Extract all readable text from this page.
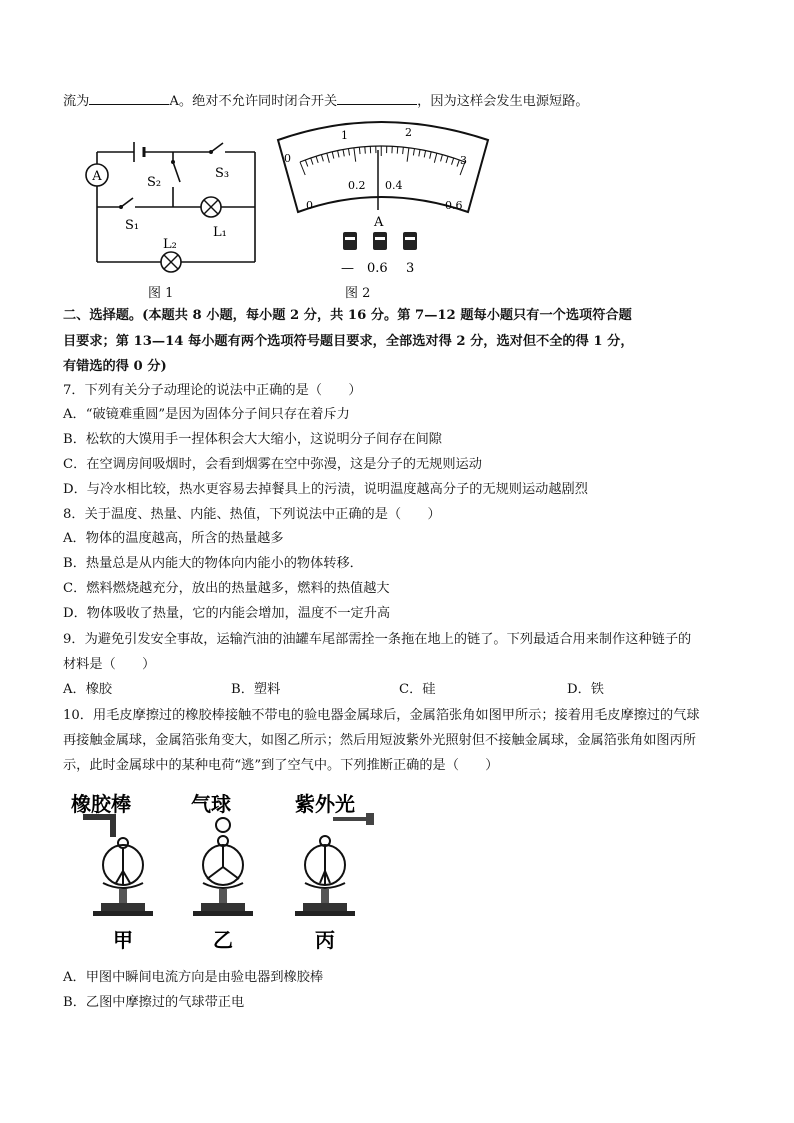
流为	A。绝对不允许同时闭合开关	，因为这样会发生电源短路。
A	S₃
S₂
S₁	L₁
L₂
图 1
0
1	2
3
0
0.2 0.4
0.6
A
— 0.6 3
图 2
二、选择题。(本题共 8 小题，每小题 2 分，共 16 分。第 7—12 题每小题只有一个选项符合题
目要求；第 13—14 每小题有两个选项符号题目要求，全部选对得 2 分，选对但不全的得 1 分，
有错选的得 0 分)
7．下列有关分子动理论的说法中正确的是（　　）
A．“破镜难重圆”是因为固体分子间只存在着斥力
B．松软的大馍用手一捏体积会大大缩小，这说明分子间存在间隙
C．在空调房间吸烟时，会看到烟雾在空中弥漫，这是分子的无规则运动
D．与冷水相比较，热水更容易去掉餐具上的污渍，说明温度越高分子的无规则运动越剧烈
8．关于温度、热量、内能、热值，下列说法中正确的是（　　）
A．物体的温度越高，所含的热量越多
B．热量总是从内能大的物体向内能小的物体转移．
C．燃料燃烧越充分，放出的热量越多，燃料的热值越大
D．物体吸收了热量，它的内能会增加，温度不一定升高
9．为避免引发安全事故，运输汽油的油罐车尾部需拴一条拖在地上的链了。下列最适合用来制作这种链子的
材料是（　　）
A．橡胶	B．塑料	C．硅	D．铁
10．用毛皮摩擦过的橡胶棒接触不带电的验电器金属球后，金属箔张角如图甲所示；接着用毛皮摩擦过的气球
再接触金属球，金属箔张角变大，如图乙所示；然后用短波紫外光照射但不接触金属球，金属箔张角如图丙所
示，此时金属球中的某种电荷“逃”到了空气中。下列推断正确的是（　　）
橡胶棒	气球	紫外光
甲	乙	丙
A．甲图中瞬间电流方向是由验电器到橡胶棒
B．乙图中摩擦过的气球带正电
